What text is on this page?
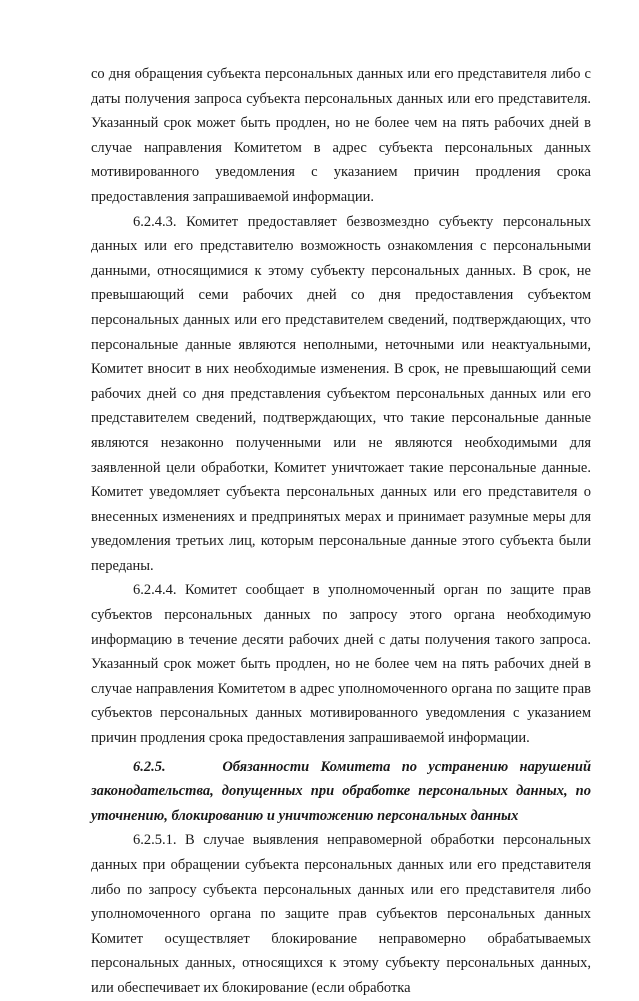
со дня обращения субъекта персональных данных или его представителя либо с даты получения запроса субъекта персональных данных или его представителя. Указанный срок может быть продлен, но не более чем на пять рабочих дней в случае направления Комитетом в адрес субъекта персональных данных мотивированного уведомления с указанием причин продления срока предоставления запрашиваемой информации.

6.2.4.3. Комитет предоставляет безвозмездно субъекту персональных данных или его представителю возможность ознакомления с персональными данными, относящимися к этому субъекту персональных данных. В срок, не превышающий семи рабочих дней со дня предоставления субъектом персональных данных или его представителем сведений, подтверждающих, что персональные данные являются неполными, неточными или неактуальными, Комитет вносит в них необходимые изменения. В срок, не превышающий семи рабочих дней со дня представления субъектом персональных данных или его представителем сведений, подтверждающих, что такие персональные данные являются незаконно полученными или не являются необходимыми для заявленной цели обработки, Комитет уничтожает такие персональные данные. Комитет уведомляет субъекта персональных данных или его представителя о внесенных изменениях и предпринятых мерах и принимает разумные меры для уведомления третьих лиц, которым персональные данные этого субъекта были переданы.

6.2.4.4. Комитет сообщает в уполномоченный орган по защите прав субъектов персональных данных по запросу этого органа необходимую информацию в течение десяти рабочих дней с даты получения такого запроса. Указанный срок может быть продлен, но не более чем на пять рабочих дней в случае направления Комитетом в адрес уполномоченного органа по защите прав субъектов персональных данных мотивированного уведомления с указанием причин продления срока предоставления запрашиваемой информации.

6.2.5.	Обязанности Комитета по устранению нарушений законодательства, допущенных при обработке персональных данных, по уточнению, блокированию и уничтожению персональных данных

6.2.5.1. В случае выявления неправомерной обработки персональных данных при обращении субъекта персональных данных или его представителя либо по запросу субъекта персональных данных или его представителя либо уполномоченного органа по защите прав субъектов персональных данных Комитет осуществляет блокирование неправомерно обрабатываемых персональных данных, относящихся к этому субъекту персональных данных, или обеспечивает их блокирование (если обработка
